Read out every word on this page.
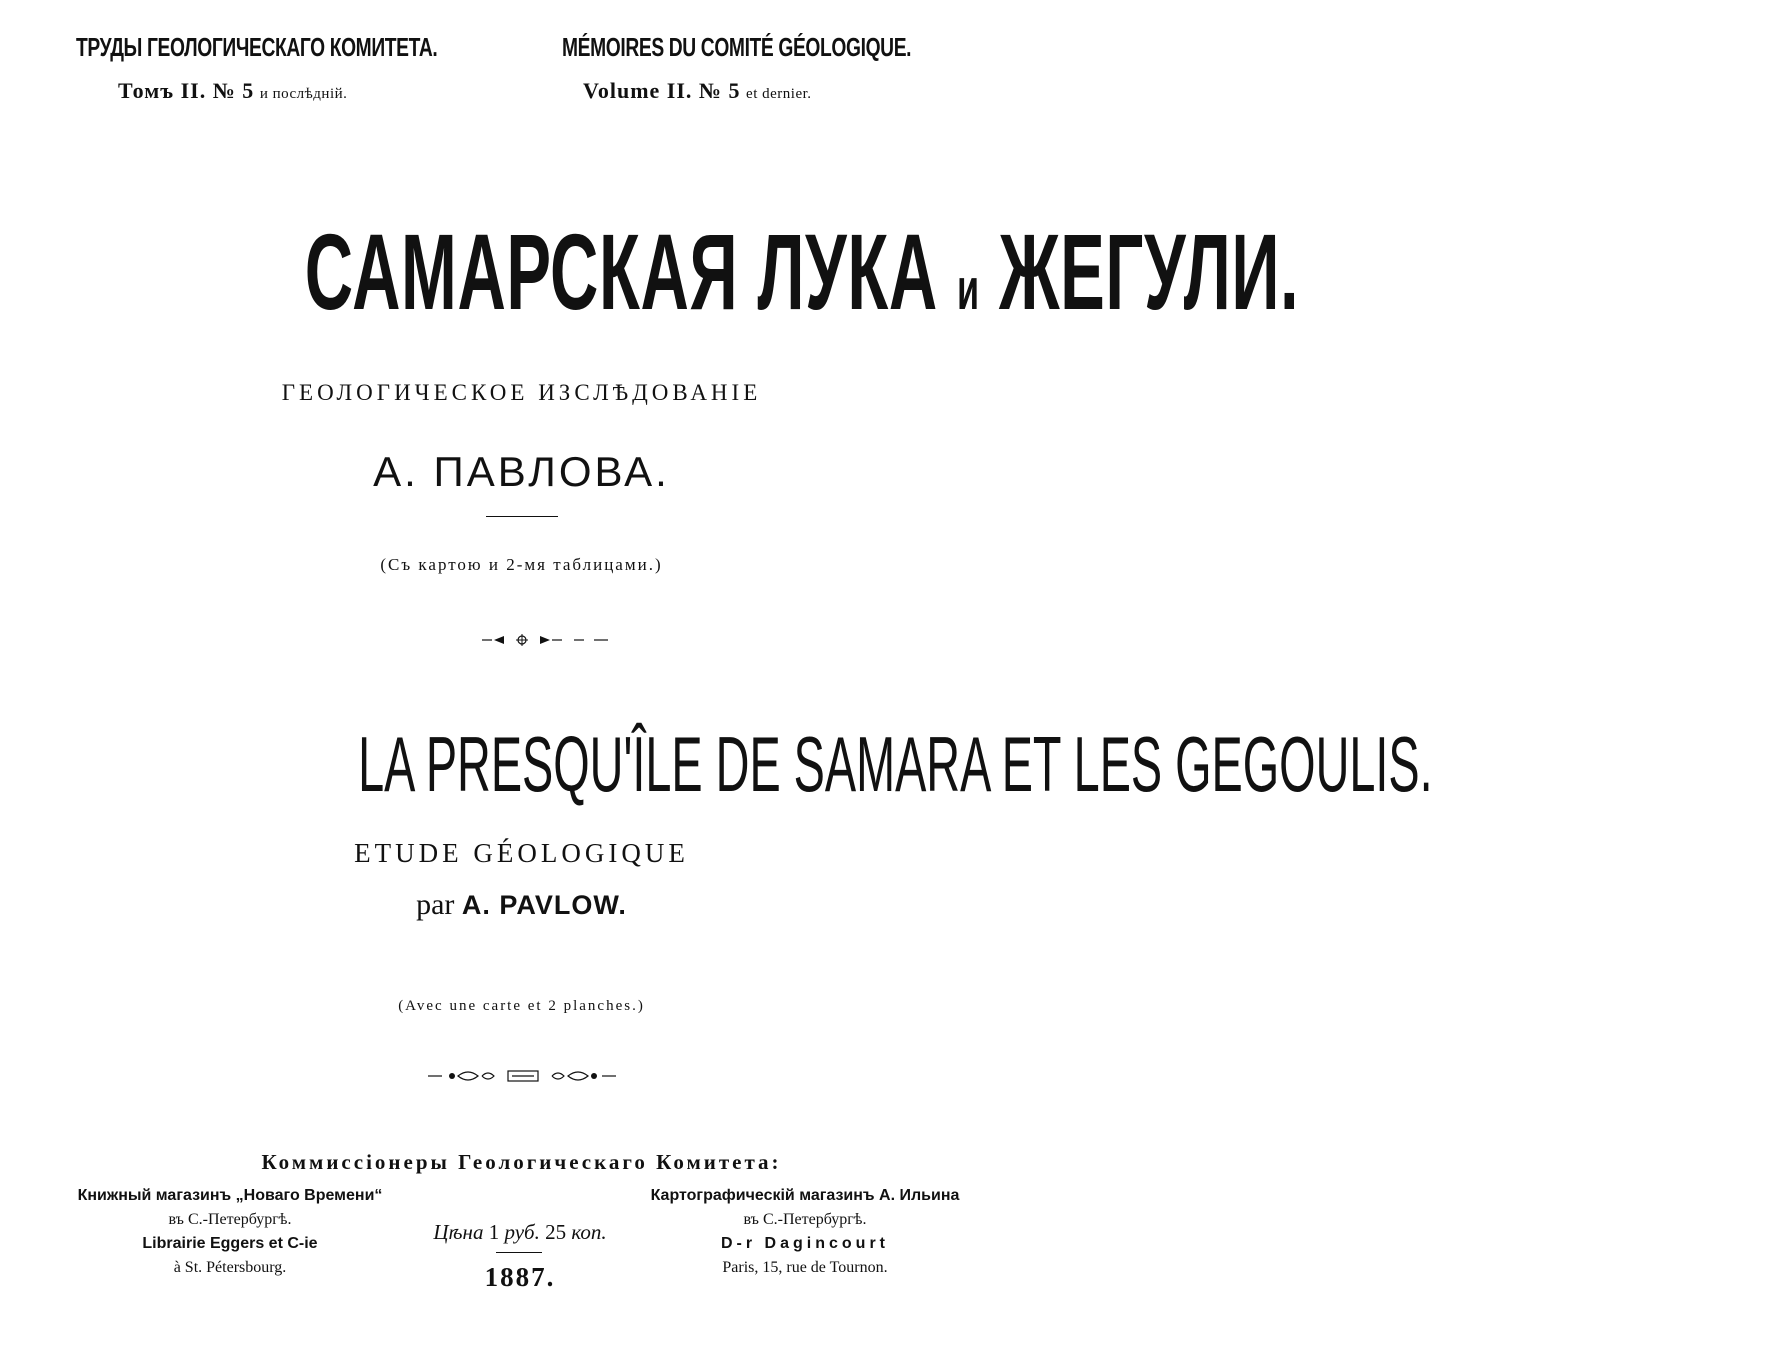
ТРУДЫ ГЕОЛОГИЧЕСКАГО КОМИТЕТА.	MÉMOIRES DU COMITÉ GÉOLOGIQUE.
Томъ II. № 5 и послѣдній.	Volume II. № 5 et dernier.
САМАРСКАЯ ЛУКА и ЖЕГУЛИ.
ГЕОЛОГИЧЕСКОЕ ИЗСЛѢДОВАНІЕ
А. ПАВЛОВА.
(Съ картою и 2-мя таблицами.)
LA PRESQU'ÎLE DE SAMARA ET LES GEGOULIS.
ETUDE GÉOLOGIQUE
par A. PAVLOW.
(Avec une carte et 2 planches.)
Коммиссіонеры Геологическаго Комитета:
Книжный магазинъ „Новаго Времени“
въ С.-Петербургѣ.
Librairie Eggers et C-ie
à St. Pétersbourg.
Цѣна 1 руб. 25 коп.
1887.
Картографическій магазинъ А. Ильина
въ С.-Петербургѣ.
D-r Dagincourt
Paris, 15, rue de Tournon.
